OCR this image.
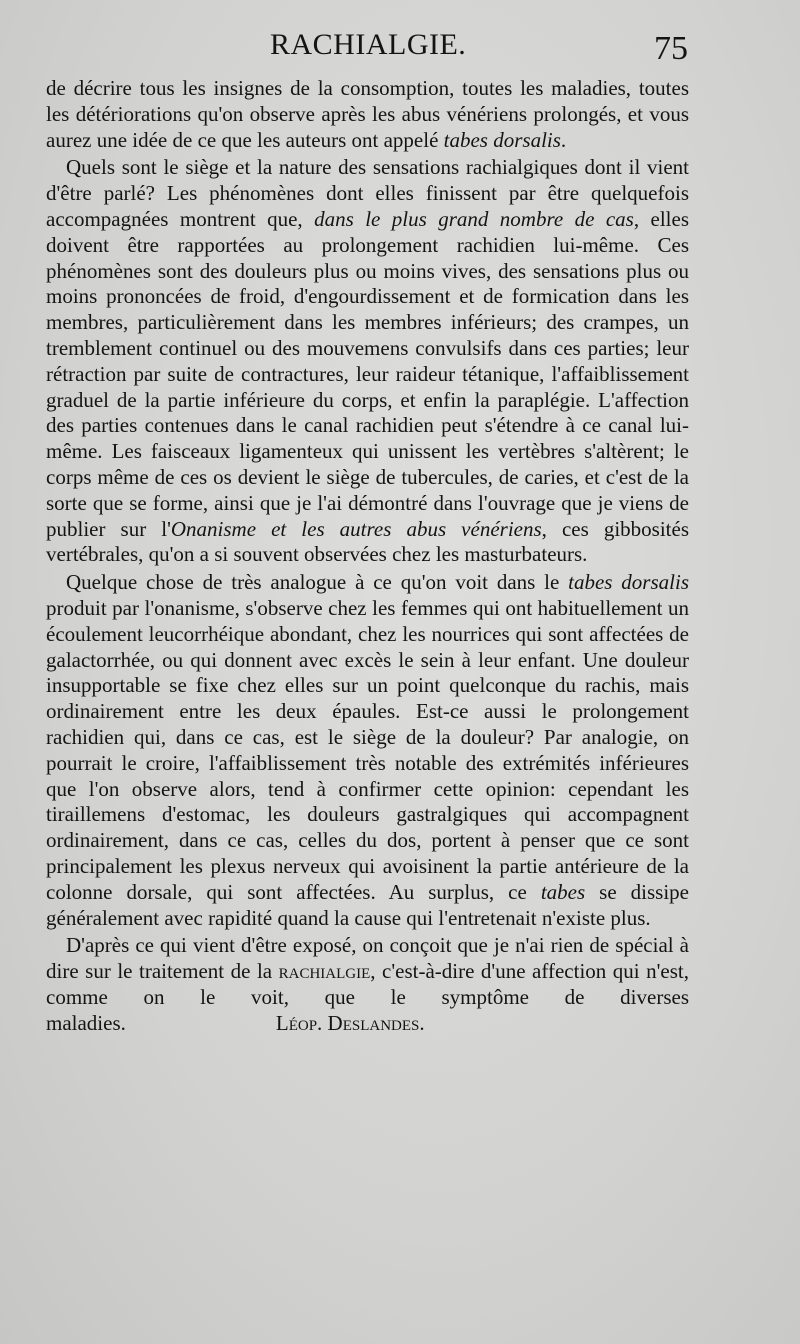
RACHIALGIE.	75

de décrire tous les insignes de la consomption, toutes les maladies, toutes les détériorations qu'on observe après les abus vénériens prolongés, et vous aurez une idée de ce que les auteurs ont appelé tabes dorsalis.

Quels sont le siège et la nature des sensations rachialgiques dont il vient d'être parlé? Les phénomènes dont elles finissent par être quelquefois accompagnées montrent que, dans le plus grand nombre de cas, elles doivent être rapportées au prolongement rachidien lui-même. Ces phénomènes sont des douleurs plus ou moins vives, des sensations plus ou moins prononcées de froid, d'engourdissement et de formication dans les membres, particulièrement dans les membres inférieurs; des crampes, un tremblement continuel ou des mouvemens convulsifs dans ces parties; leur rétraction par suite de contractures, leur raideur tétanique, l'affaiblissement graduel de la partie inférieure du corps, et enfin la paraplégie. L'affection des parties contenues dans le canal rachidien peut s'étendre à ce canal lui-même. Les faisceaux ligamenteux qui unissent les vertèbres s'altèrent; le corps même de ces os devient le siège de tubercules, de caries, et c'est de la sorte que se forme, ainsi que je l'ai démontré dans l'ouvrage que je viens de publier sur l'Onanisme et les autres abus vénériens, ces gibbosités vertébrales, qu'on a si souvent observées chez les masturbateurs.

Quelque chose de très analogue à ce qu'on voit dans le tabes dorsalis produit par l'onanisme, s'observe chez les femmes qui ont habituellement un écoulement leucorrhéique abondant, chez les nourrices qui sont affectées de galactorrhée, ou qui donnent avec excès le sein à leur enfant. Une douleur insupportable se fixe chez elles sur un point quelconque du rachis, mais ordinairement entre les deux épaules. Est-ce aussi le prolongement rachidien qui, dans ce cas, est le siège de la douleur? Par analogie, on pourrait le croire, l'affaiblissement très notable des extrémités inférieures que l'on observe alors, tend à confirmer cette opinion: cependant les tiraillemens d'estomac, les douleurs gastralgiques qui accompagnent ordinairement, dans ce cas, celles du dos, portent à penser que ce sont principalement les plexus nerveux qui avoisinent la partie antérieure de la colonne dorsale, qui sont affectées. Au surplus, ce tabes se dissipe généralement avec rapidité quand la cause qui l'entretenait n'existe plus.

D'après ce qui vient d'être exposé, on conçoit que je n'ai rien de spécial à dire sur le traitement de la rachialgie, c'est-à-dire d'une affection qui n'est, comme on le voit, que le symptôme de diverses maladies.	Léop. Deslandes.
